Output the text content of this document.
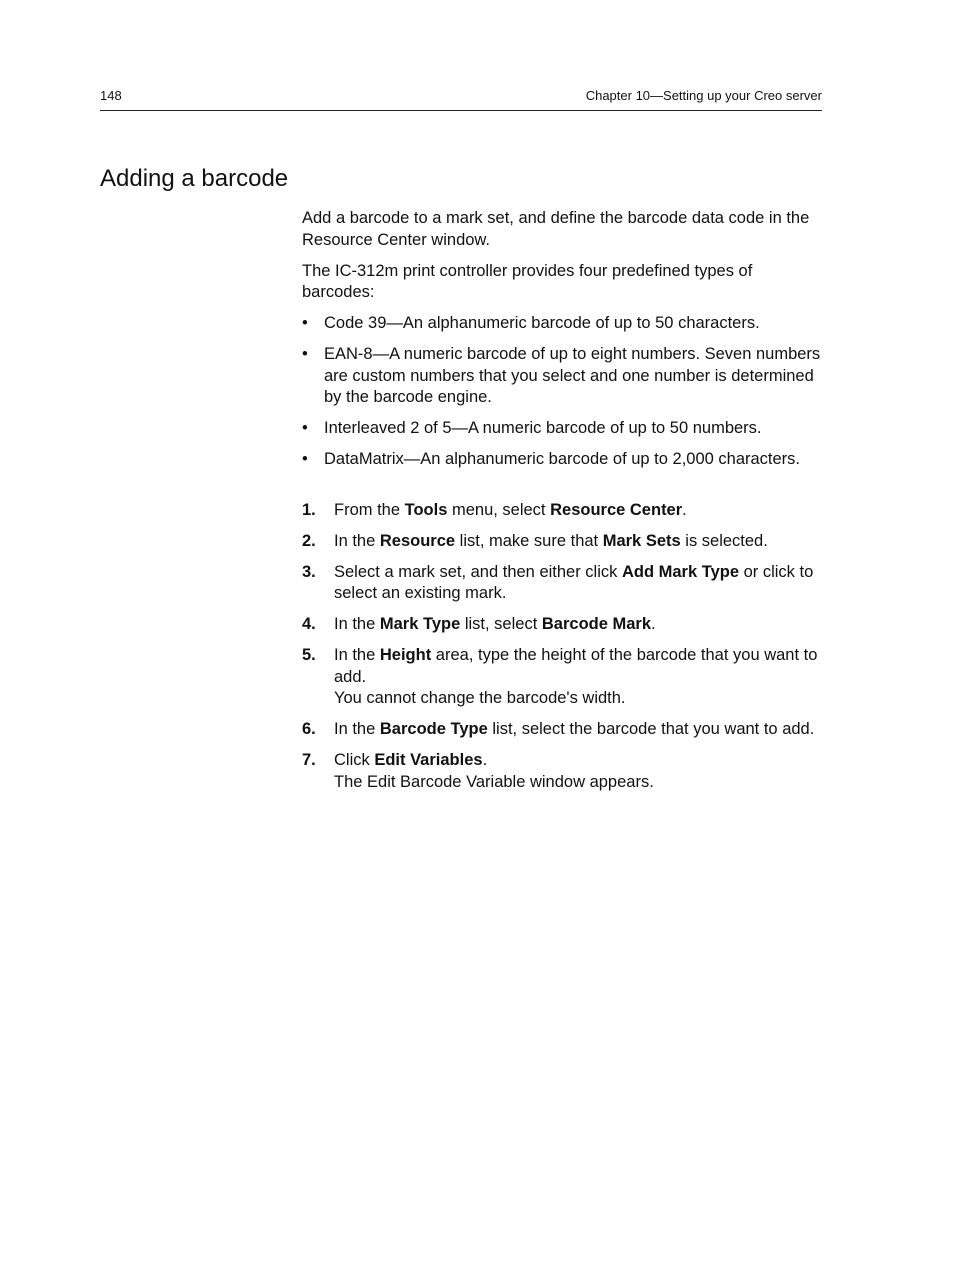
148	Chapter 10—Setting up your Creo server
Adding a barcode

Add a barcode to a mark set, and define the barcode data code in the Resource Center window.

The IC-312m print controller provides four predefined types of barcodes:

• Code 39—An alphanumeric barcode of up to 50 characters.
• EAN-8—A numeric barcode of up to eight numbers. Seven numbers are custom numbers that you select and one number is determined by the barcode engine.
• Interleaved 2 of 5—A numeric barcode of up to 50 numbers.
• DataMatrix—An alphanumeric barcode of up to 2,000 characters.
1. From the Tools menu, select Resource Center.
2. In the Resource list, make sure that Mark Sets is selected.
3. Select a mark set, and then either click Add Mark Type or click to select an existing mark.
4. In the Mark Type list, select Barcode Mark.
5. In the Height area, type the height of the barcode that you want to add.
You cannot change the barcode's width.
6. In the Barcode Type list, select the barcode that you want to add.
7. Click Edit Variables.
The Edit Barcode Variable window appears.
